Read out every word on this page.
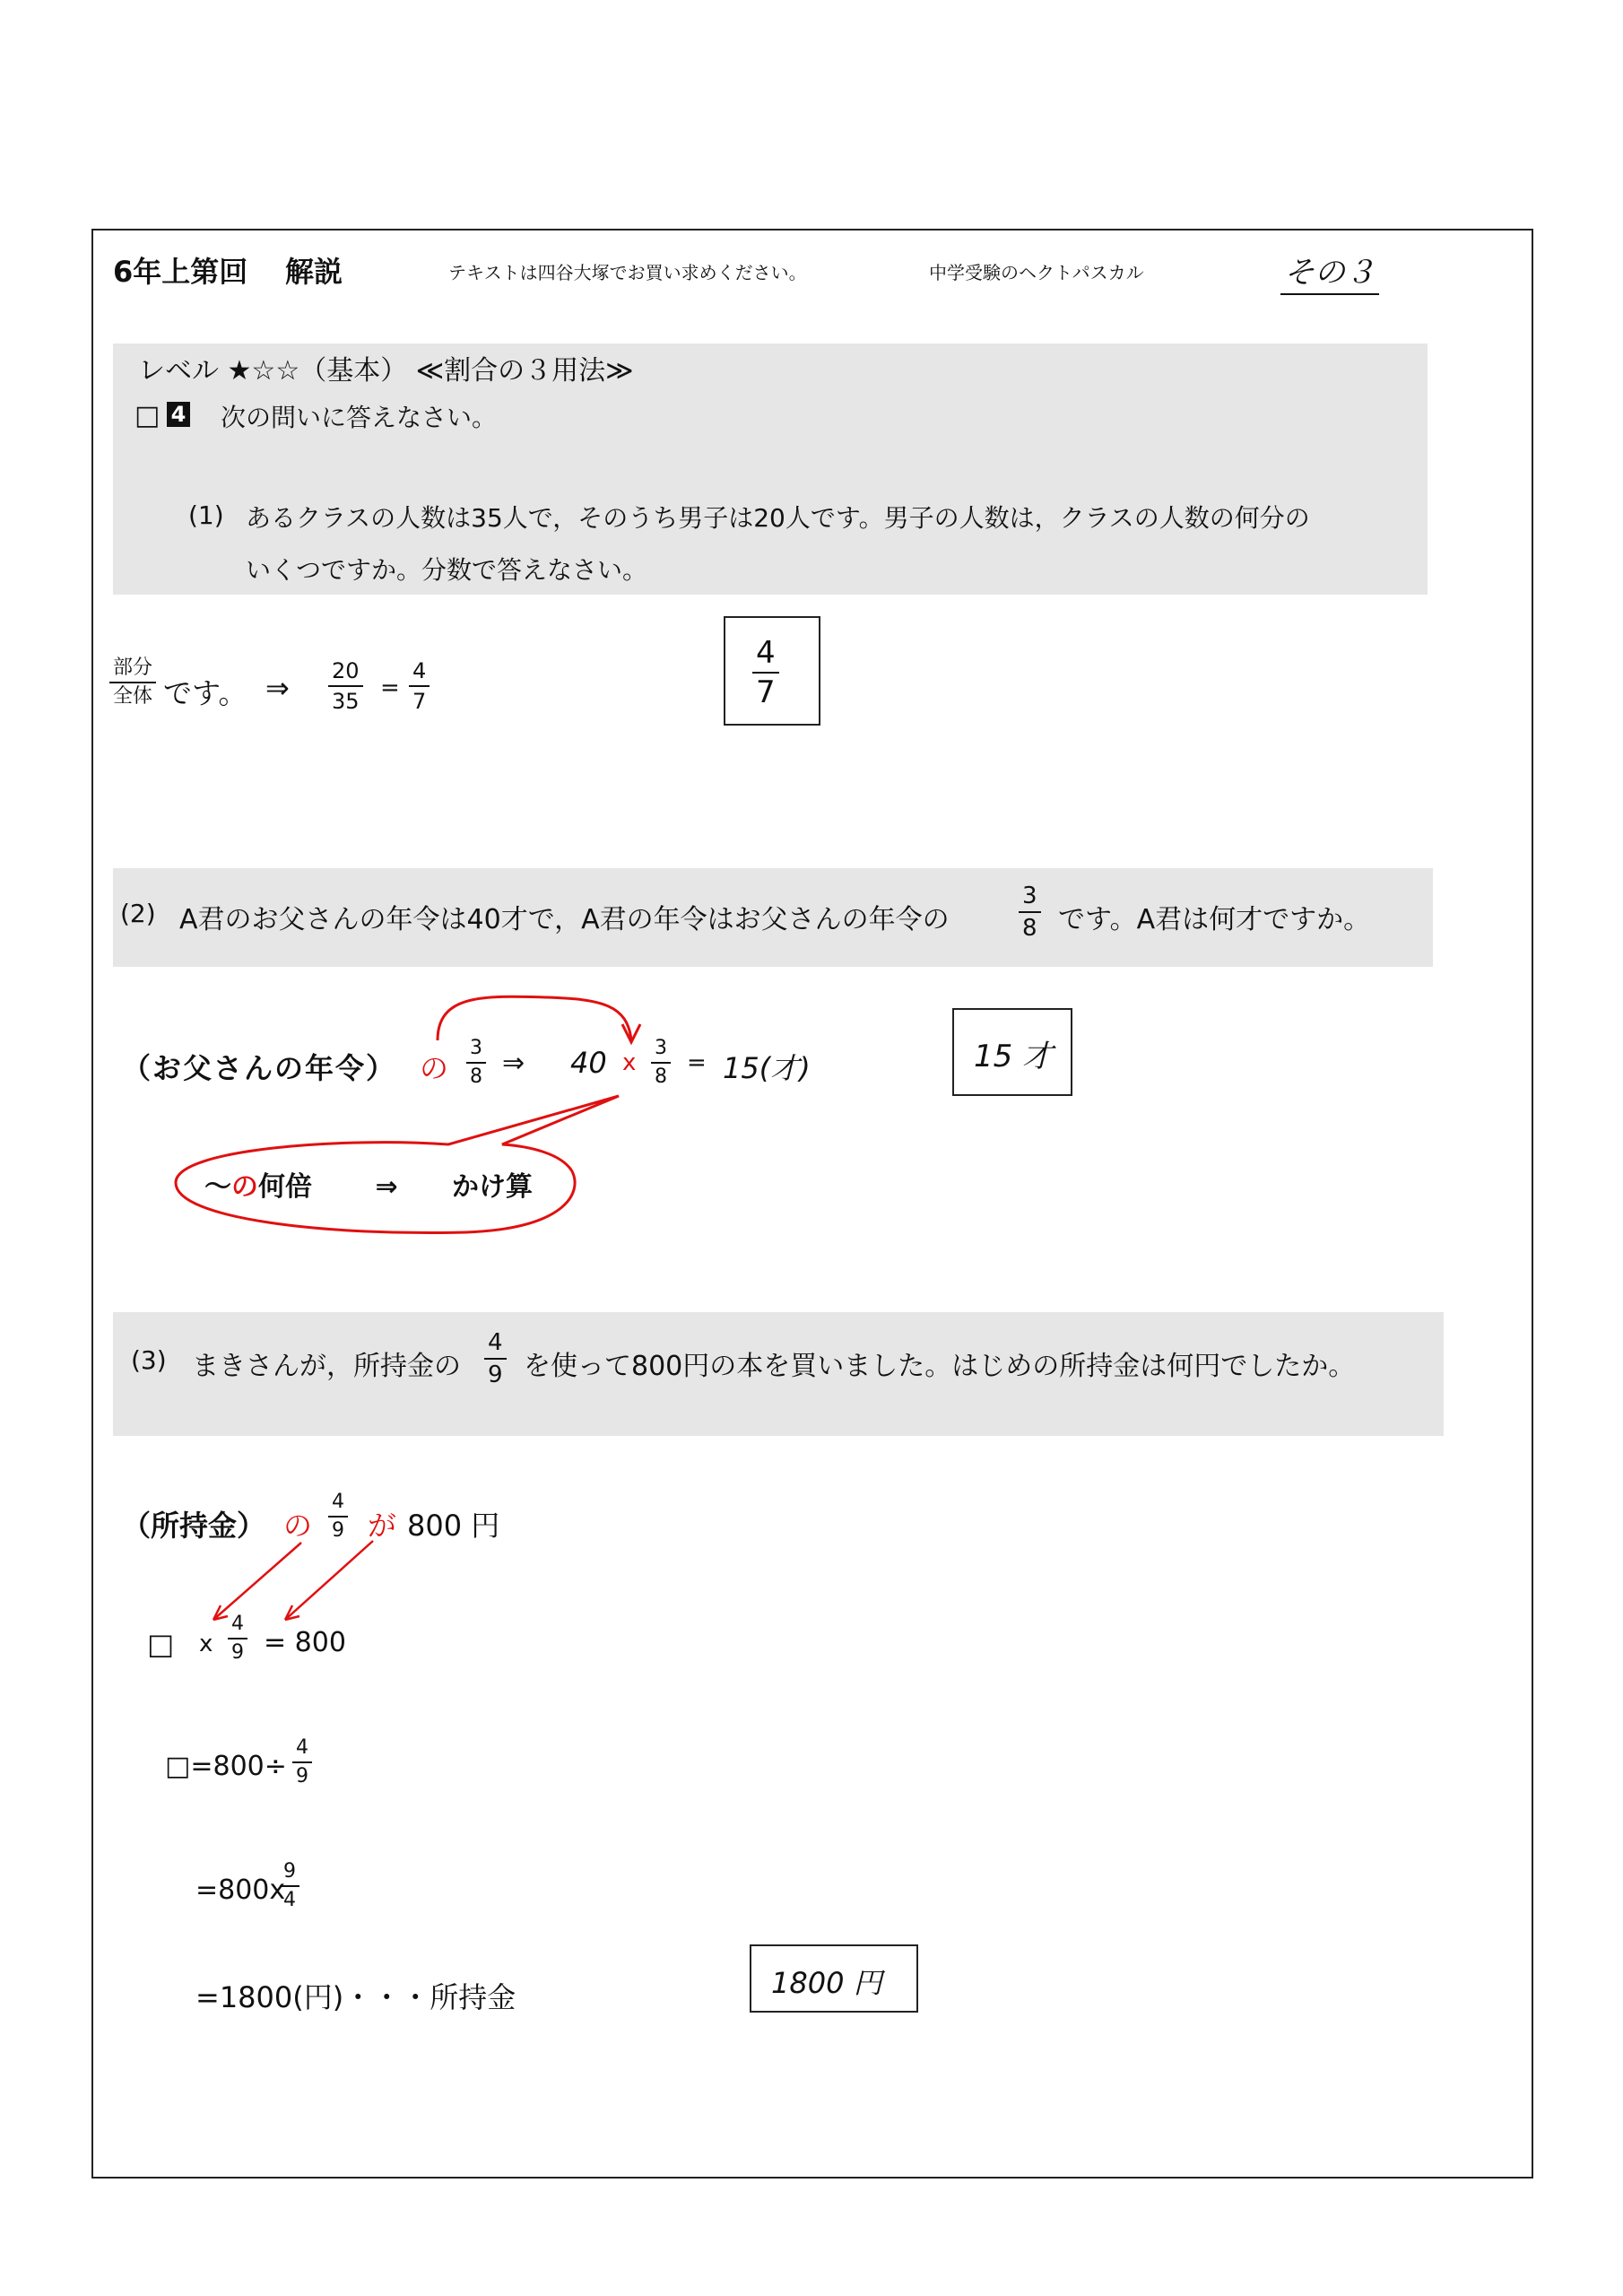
6年上第回 解説	テキストは四谷大塚でお買い求めください。	中学受験のヘクトパスカル	その３
レベル ★☆☆（基本） ≪割合の３用法≫
□ 4 次の問いに答えなさい。
(1) あるクラスの人数は35人で，そのうち男子は20人です。男子の人数は，クラスの人数の何分の
いくつですか。分数で答えなさい。
部分
全体 です。 ⇒ $\frac{20}{35} = \frac{4}{7}$	$\frac{4}{7}$
(2) A君のお父さんの年令は40才で，A君の年令はお父さんの年令の	$\frac{3}{8}$ です。A君は何才ですか。
（お父さんの年令） の $\frac{3}{8}$ ⇒ 40 x $\frac{3}{8} = 15$(才)
〜の何倍 ⇒ かけ算
15 才
(3) まきさんが，所持金の $\frac{4}{9}$ を使って800円の本を買いました。はじめの所持金は何円でしたか。
（所持金） の $\frac{4}{9}$ が 800 円
□ x $\frac{4}{9} = 800$
□=800÷ $\frac{4}{9}$
=800x
$\frac{9}{4}$
=1800(円)・・・所持金	1800 円
